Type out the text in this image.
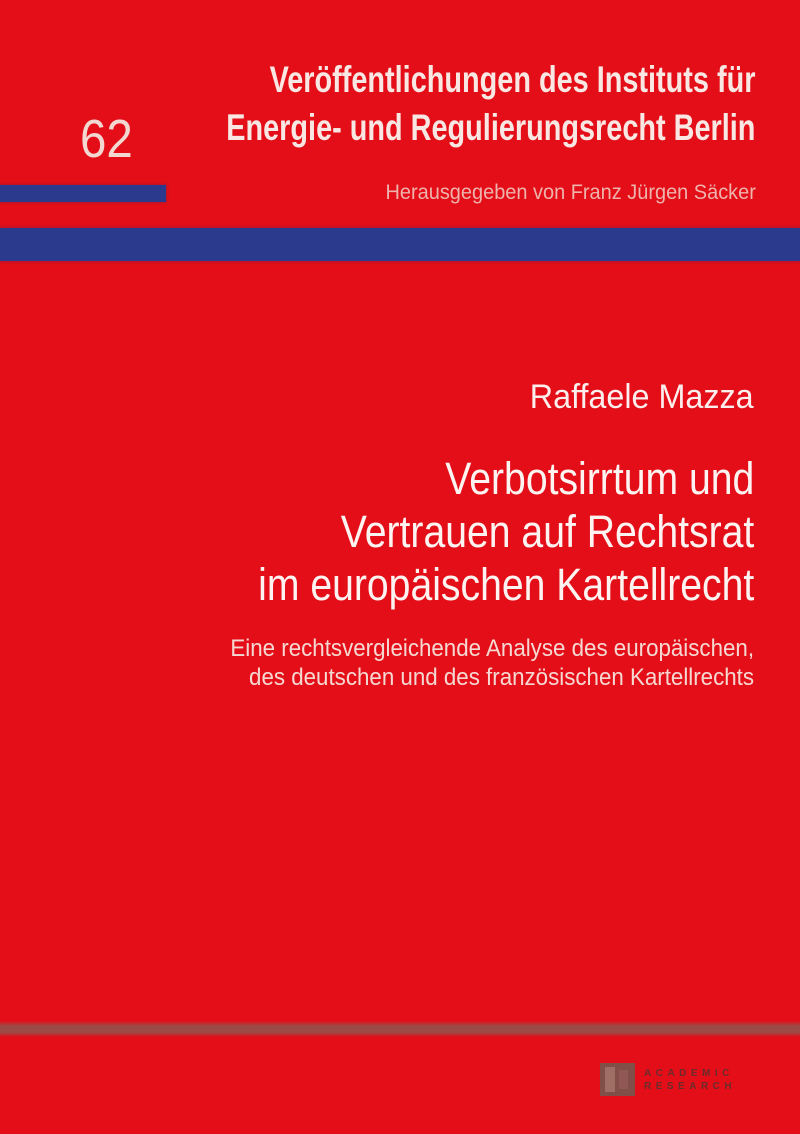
62
Veröffentlichungen des Instituts für
Energie- und Regulierungsrecht Berlin
Herausgegeben von Franz Jürgen Säcker
Raffaele Mazza
Verbotsirrtum und
Vertrauen auf Rechtsrat
im europäischen Kartellrecht
Eine rechtsvergleichende Analyse des europäischen,
des deutschen und des französischen Kartellrechts
ACADEMIC
RESEARCH
